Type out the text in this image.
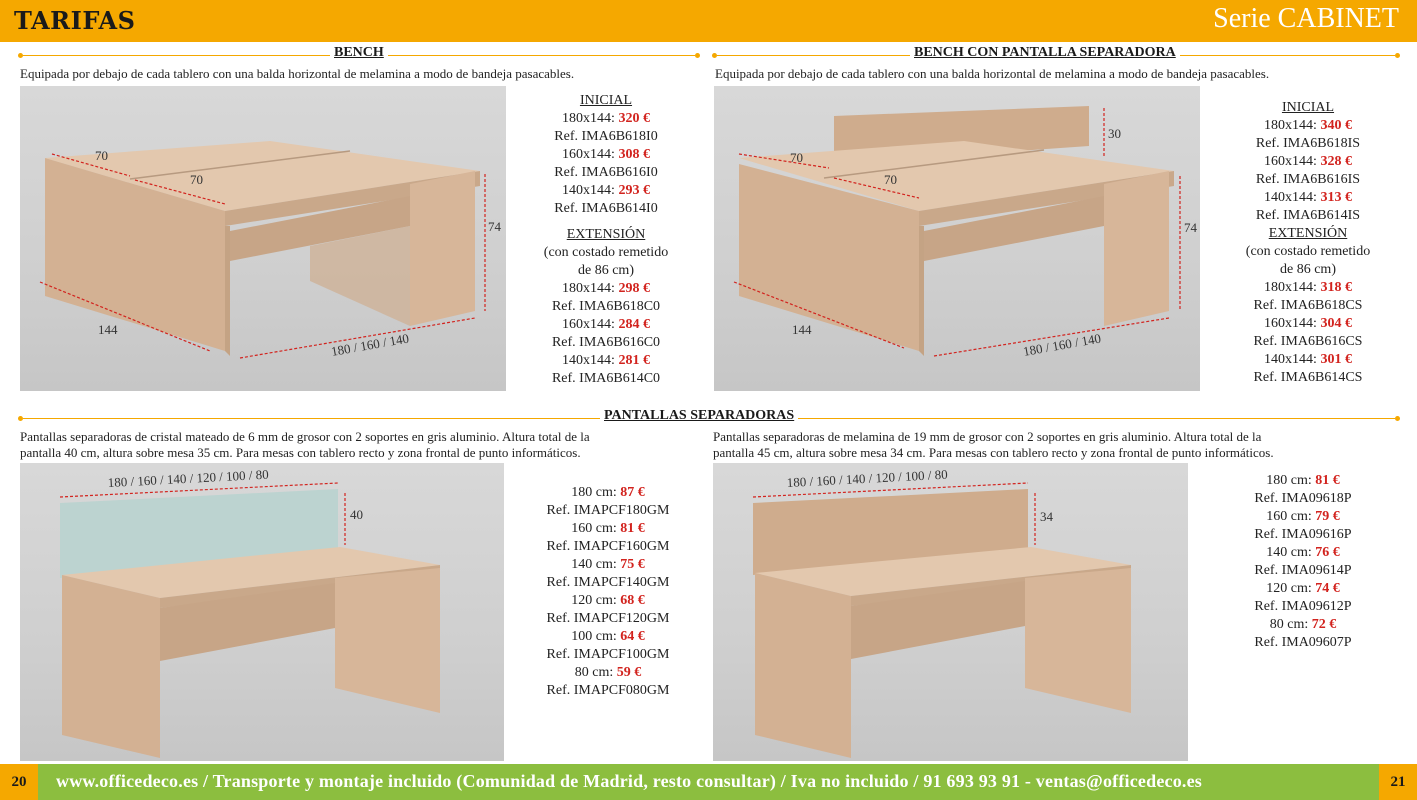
TARIFAS	Serie CABINET
BENCH
Equipada por debajo de cada tablero con una balda horizontal de melamina a modo de bandeja pasacables.
70
70
74
144
180 / 160 / 140
INICIAL
180x144: 320 €
Ref. IMA6B618I0
160x144: 308 €
Ref. IMA6B616I0
140x144: 293 €
Ref. IMA6B614I0
EXTENSIÓN
(con costado remetido
de 86 cm)
180x144: 298 €
Ref. IMA6B618C0
160x144: 284 €
Ref. IMA6B616C0
140x144: 281 €
Ref. IMA6B614C0
BENCH CON PANTALLA SEPARADORA
Equipada por debajo de cada tablero con una balda horizontal de melamina a modo de bandeja pasacables.
30
70
70
74
144
180 / 160 / 140
INICIAL
180x144: 340 €
Ref. IMA6B618IS
160x144: 328 €
Ref. IMA6B616IS
140x144: 313 €
Ref. IMA6B614IS
EXTENSIÓN
(con costado remetido
de 86 cm)
180x144: 318 €
Ref. IMA6B618CS
160x144: 304 €
Ref. IMA6B616CS
140x144: 301 €
Ref. IMA6B614CS
PANTALLAS SEPARADORAS
Pantallas separadoras de cristal mateado de 6 mm de grosor con 2 soportes en gris aluminio. Altura total de la
pantalla 40 cm, altura sobre mesa 35 cm. Para mesas con tablero recto y zona frontal de punto informáticos.
Pantallas separadoras de melamina de 19 mm de grosor con 2 soportes en gris aluminio. Altura total de la
pantalla 45 cm, altura sobre mesa 34 cm. Para mesas con tablero recto y zona frontal de punto informáticos.
180 / 160 / 140 / 120 / 100 / 80
40
180 cm: 87 €
Ref. IMAPCF180GM
160 cm: 81 €
Ref. IMAPCF160GM
140 cm: 75 €
Ref. IMAPCF140GM
120 cm: 68 €
Ref. IMAPCF120GM
100 cm: 64 €
Ref. IMAPCF100GM
80 cm: 59 €
Ref. IMAPCF080GM
180 / 160 / 140 / 120 / 100 / 80
34
180 cm: 81 €
Ref. IMA09618P
160 cm: 79 €
Ref. IMA09616P
140 cm: 76 €
Ref. IMA09614P
120 cm: 74 €
Ref. IMA09612P
80 cm: 72 €
Ref. IMA09607P
20	www.officedeco.es / Transporte y montaje incluido (Comunidad de Madrid, resto consultar) / Iva no incluido / 91 693 93 91 - ventas@officedeco.es	21
